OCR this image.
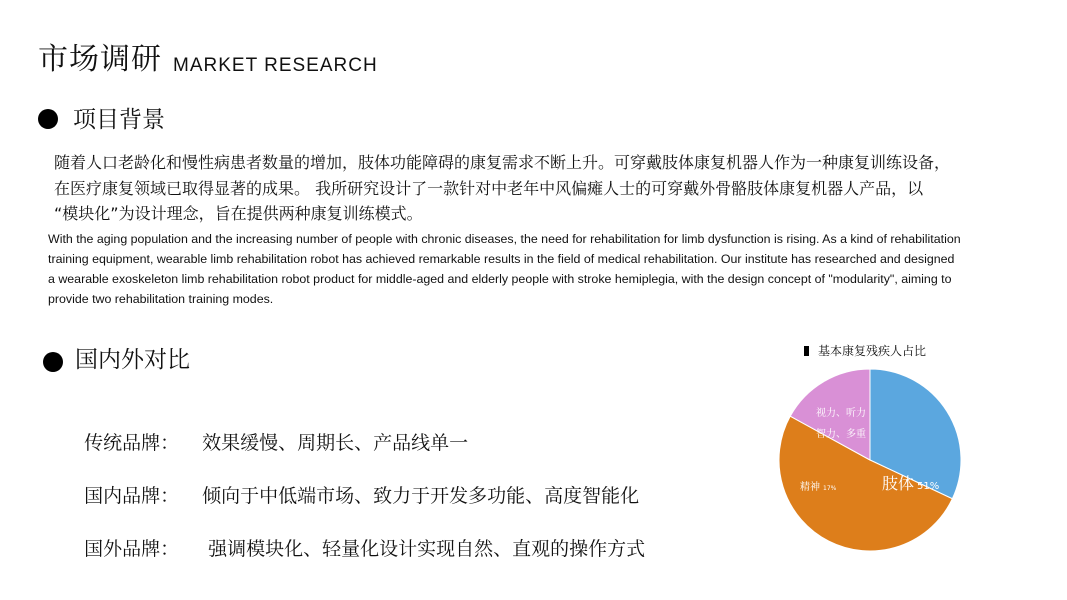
市场调研 MARKET RESEARCH
项目背景
随着人口老龄化和慢性病患者数量的增加，肢体功能障碍的康复需求不断上升。可穿戴肢体康复机器人作为一种康复训练设备，
在医疗康复领域已取得显著的成果。 我所研究设计了一款针对中老年中风偏瘫人士的可穿戴外骨骼肢体康复机器人产品，以
“模块化”为设计理念，旨在提供两种康复训练模式。
With the aging population and the increasing number of people with chronic diseases, the need for rehabilitation for limb dysfunction is rising. As a kind of rehabilitation
training equipment, wearable limb rehabilitation robot has achieved remarkable results in the field of medical rehabilitation. Our institute has researched and designed
a wearable exoskeleton limb rehabilitation robot product for middle-aged and elderly people with stroke hemiplegia, with the design concept of "modularity", aiming to
provide two rehabilitation training modes.
国内外对比

传统品牌： 效果缓慢、周期长、产品线单一

国内品牌： 倾向于中低端市场、致力于开发多功能、高度智能化

国外品牌： 强调模块化、轻量化设计实现自然、直观的操作方式

基本康复残疾人占比
视力、听力
智力、多重
肢体 51%
精神 17%
